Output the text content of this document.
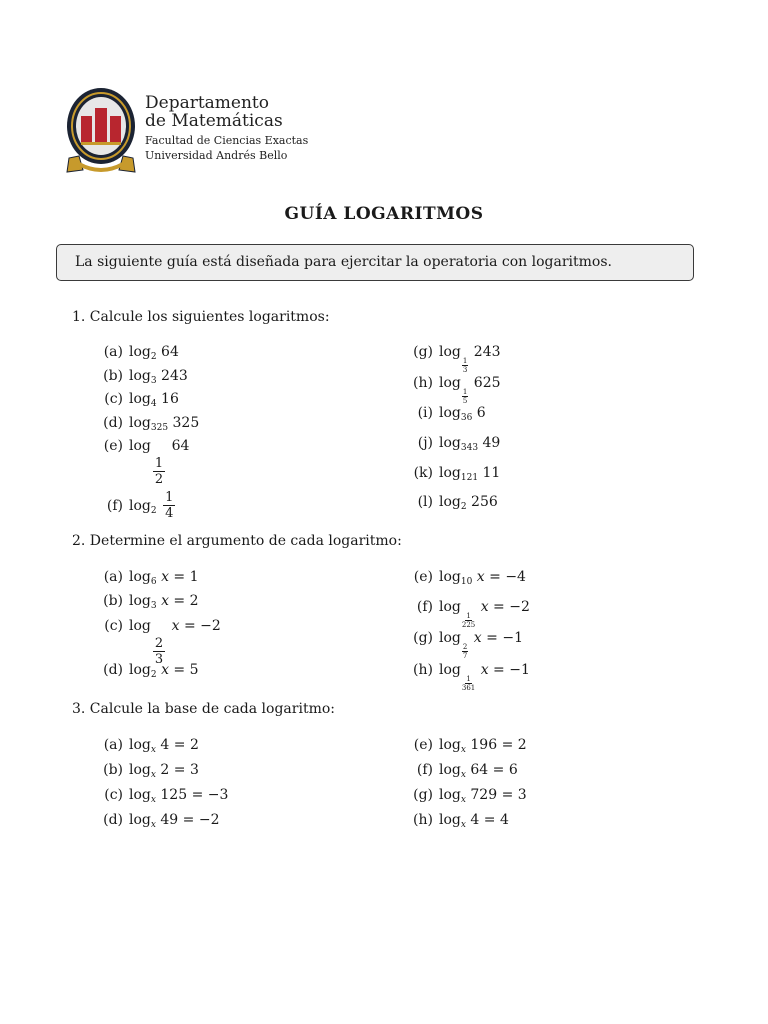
Departamento
de Matemáticas
Facultad de Ciencias Exactas
Universidad Andrés Bello
GUÍA LOGARITMOS
La siguiente guía está diseñada para ejercitar la operatoria con logaritmos.
1. Calcule los siguientes logaritmos:
(a) $\log_2 64$
(b) $\log_3 243$
(c) $\log_4 16$
(d) $\log_{325} 325$
(e) log
$\frac{1}{2}$
64
(f) $\log_2 \frac{1}{4}$
(g) log
$\frac{1}{3}$
243
(h) log
$\frac{1}{5}$
625
(i) $\log_{36} 6$
(j) $\log_{343} 49$
(k) $\log_{121} 11$
(l) $\log_2 256$
2. Determine el argumento de cada logaritmo:
(a) $\log_6 x = 1$
(b) $\log_3 x = 2$
(c) log
$\frac{2}{3}$
x = −2
(d) $\log_2 x = 5$
(e) $\log_{10} x = -4$
(f) log
$\frac{1}{225}$
x = −2
(g) log
$\frac{2}{7}$
x = −1
(h) log
$\frac{1}{361}$
x = −1
3. Calcule la base de cada logaritmo:
(a) $\log_x 4 = 2$
(b) $\log_x 2 = 3$
(c) $\log_x 125 = -3$
(d) $\log_x 49 = -2$
(e) $\log_x 196 = 2$
(f) $\log_x 64 = 6$
(g) $\log_x 729 = 3$
(h) $\log_x 4 = 4$
